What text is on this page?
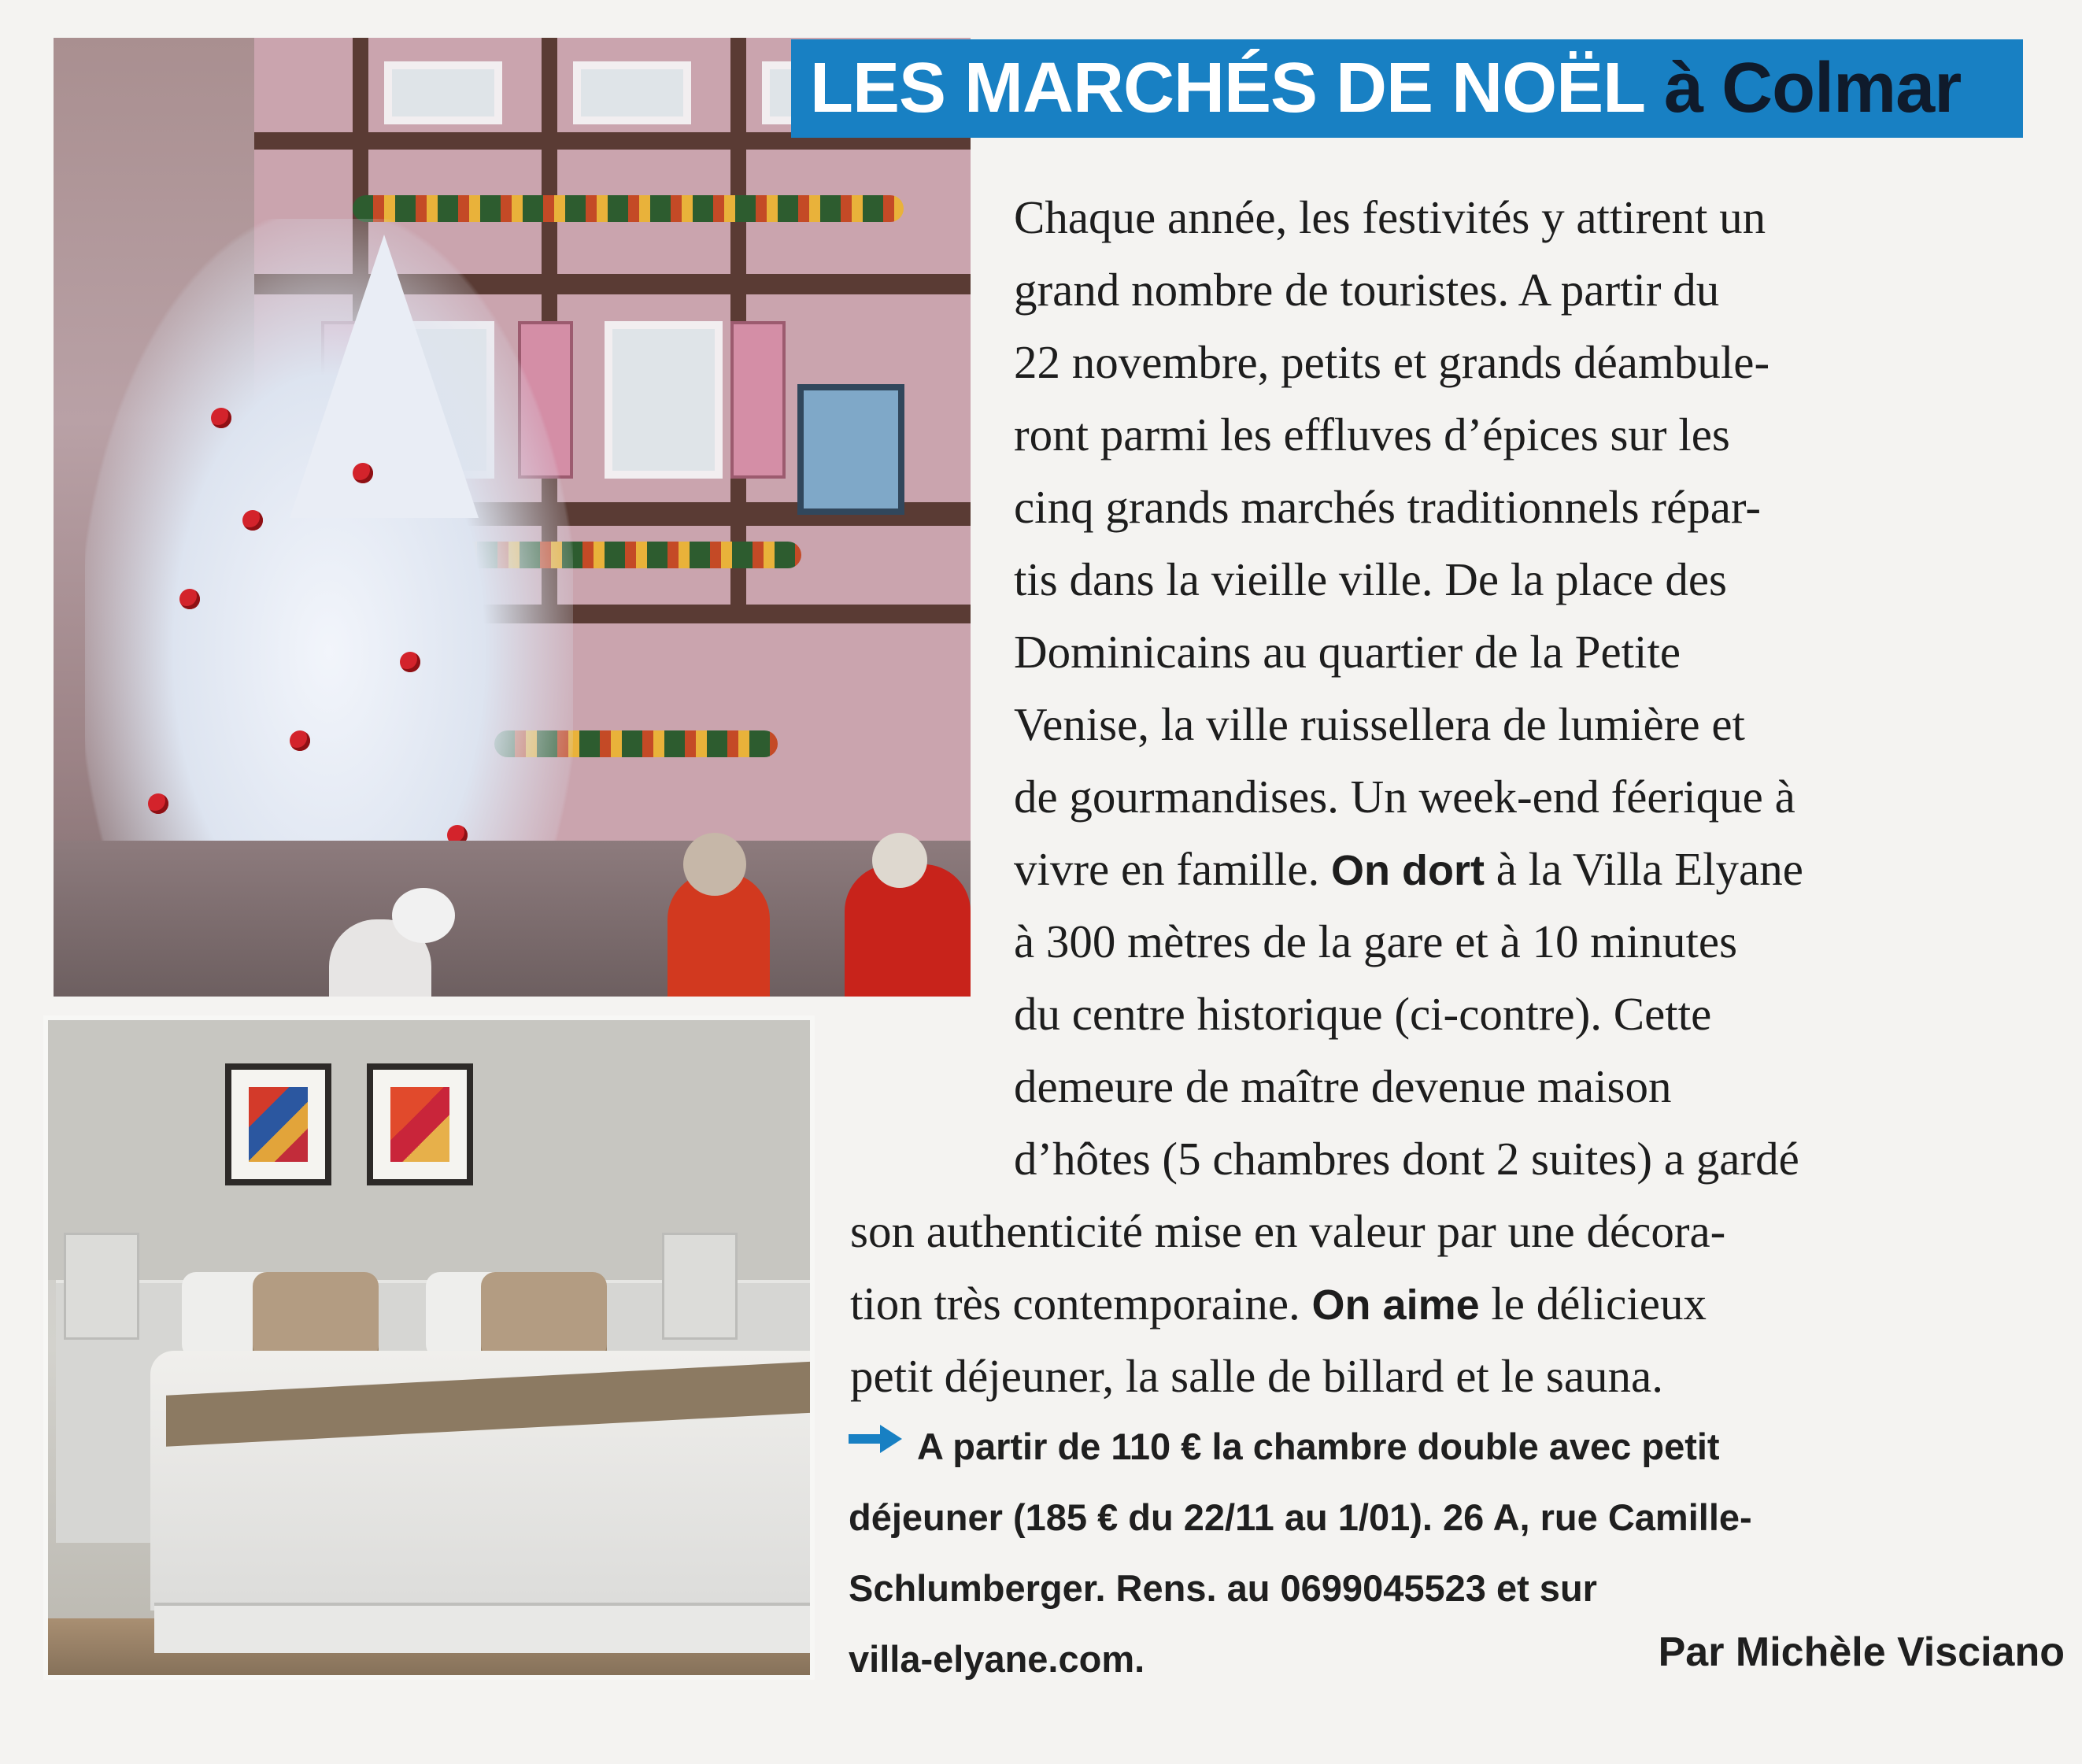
LES MARCHÉS DE NOËL à Colmar
Chaque année, les festivités y attirent un
grand nombre de touristes. A partir du
22 novembre, petits et grands déambule-
ront parmi les effluves d’épices sur les
cinq grands marchés traditionnels répar-
tis dans la vieille ville. De la place des
Dominicains au quartier de la Petite
Venise, la ville ruissellera de lumière et
de gourmandises. Un week-end féerique à
vivre en famille. On dort à la Villa Elyane
à 300 mètres de la gare et à 10 minutes
du centre historique (ci-contre). Cette
demeure de maître devenue maison
d’hôtes (5 chambres dont 2 suites) a gardé
son authenticité mise en valeur par une décora-
tion très contemporaine. On aime le délicieux
petit déjeuner, la salle de billard et le sauna.
A partir de 110 € la chambre double avec petit
déjeuner (185 € du 22/11 au 1/01). 26 A, rue Camille-
Schlumberger. Rens. au 0699045523 et sur
villa-elyane.com.	Par Michèle Visciano
